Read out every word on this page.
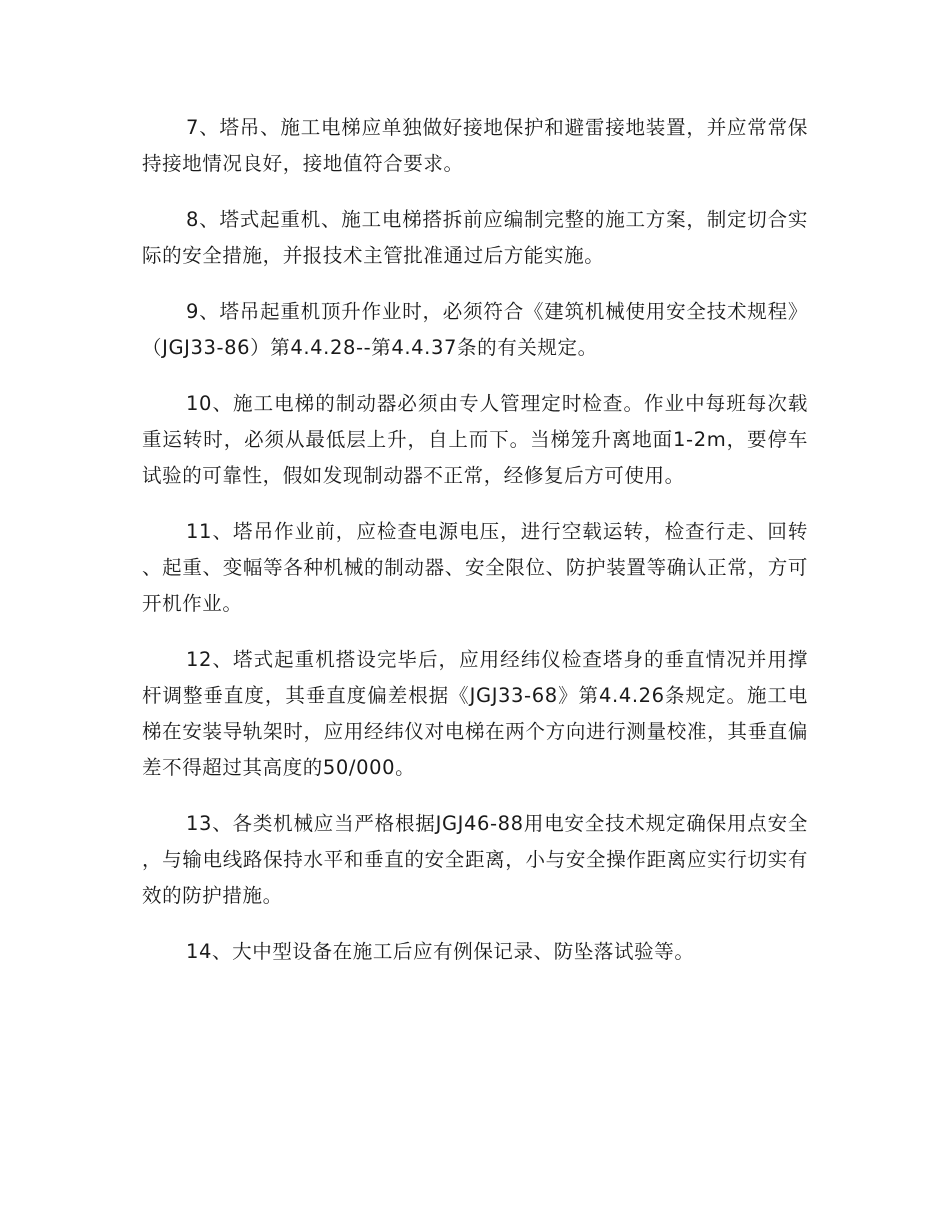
7、塔吊、施工电梯应单独做好接地保护和避雷接地装置，并应常常保持接地情况良好，接地值符合要求。

8、塔式起重机、施工电梯搭拆前应编制完整的施工方案，制定切合实际的安全措施，并报技术主管批准通过后方能实施。

9、塔吊起重机顶升作业时，必须符合《建筑机械使用安全技术规程》（JGJ33-86）第4.4.28--第4.4.37条的有关规定。

10、施工电梯的制动器必须由专人管理定时检查。作业中每班每次载重运转时，必须从最低层上升，自上而下。当梯笼升离地面1-2m，要停车试验的可靠性，假如发现制动器不正常，经修复后方可使用。

11、塔吊作业前，应检查电源电压，进行空载运转，检查行走、回转、起重、变幅等各种机械的制动器、安全限位、防护装置等确认正常，方可开机作业。

12、塔式起重机搭设完毕后，应用经纬仪检查塔身的垂直情况并用撑杆调整垂直度，其垂直度偏差根据《JGJ33-68》第4.4.26条规定。施工电梯在安装导轨架时，应用经纬仪对电梯在两个方向进行测量校准，其垂直偏差不得超过其高度的50/000。

13、各类机械应当严格根据JGJ46-88用电安全技术规定确保用点安全，与输电线路保持水平和垂直的安全距离，小与安全操作距离应实行切实有效的防护措施。

14、大中型设备在施工后应有例保记录、防坠落试验等。
